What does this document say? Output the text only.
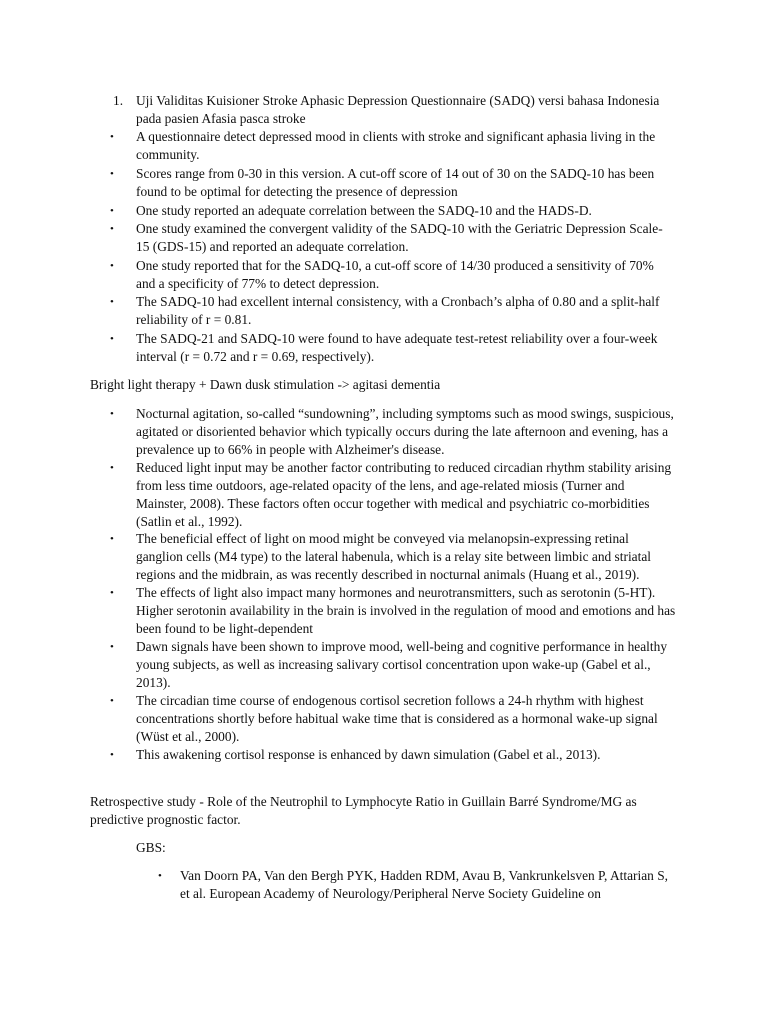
1. Uji Validitas Kuisioner Stroke Aphasic Depression Questionnaire (SADQ) versi bahasa Indonesia pada pasien Afasia pasca stroke
•	A questionnaire detect depressed mood in clients with stroke and significant aphasia living in the community.
•	Scores range from 0-30 in this version. A cut-off score of 14 out of 30 on the SADQ-10 has been found to be optimal for detecting the presence of depression
•	One study reported an adequate correlation between the SADQ-10 and the HADS-D.
•	One study examined the convergent validity of the SADQ-10 with the Geriatric Depression Scale-15 (GDS-15) and reported an adequate correlation.
•	One study reported that for the SADQ-10, a cut-off score of 14/30 produced a sensitivity of 70% and a specificity of 77% to detect depression.
•	The SADQ-10 had excellent internal consistency, with a Cronbach’s alpha of 0.80 and a split-half reliability of r = 0.81.
•	The SADQ-21 and SADQ-10 were found to have adequate test-retest reliability over a four-week interval (r = 0.72 and r = 0.69, respectively).
Bright light therapy + Dawn dusk stimulation -> agitasi dementia
•	Nocturnal agitation, so-called “sundowning”, including symptoms such as mood swings, suspicious, agitated or disoriented behavior which typically occurs during the late afternoon and evening, has a prevalence up to 66% in people with Alzheimer's disease.
•	Reduced light input may be another factor contributing to reduced circadian rhythm stability arising from less time outdoors, age-related opacity of the lens, and age-related miosis (Turner and Mainster, 2008). These factors often occur together with medical and psychiatric co-morbidities (Satlin et al., 1992).
•	The beneficial effect of light on mood might be conveyed via melanopsin-expressing retinal ganglion cells (M4 type) to the lateral habenula, which is a relay site between limbic and striatal regions and the midbrain, as was recently described in nocturnal animals (Huang et al., 2019).
•	The effects of light also impact many hormones and neurotransmitters, such as serotonin (5-HT). Higher serotonin availability in the brain is involved in the regulation of mood and emotions and has been found to be light-dependent
•	Dawn signals have been shown to improve mood, well-being and cognitive performance in healthy young subjects, as well as increasing salivary cortisol concentration upon wake-up (Gabel et al., 2013).
•	The circadian time course of endogenous cortisol secretion follows a 24-h rhythm with highest concentrations shortly before habitual wake time that is considered as a hormonal wake-up signal (Wüst et al., 2000).
•	This awakening cortisol response is enhanced by dawn simulation (Gabel et al., 2013).
Retrospective study - Role of the Neutrophil to Lymphocyte Ratio in Guillain Barré Syndrome/MG as predictive prognostic factor.
GBS:
•	Van Doorn PA, Van den Bergh PYK, Hadden RDM, Avau B, Vankrunkelsven P, Attarian S, et al. European Academy of Neurology/Peripheral Nerve Society Guideline on
